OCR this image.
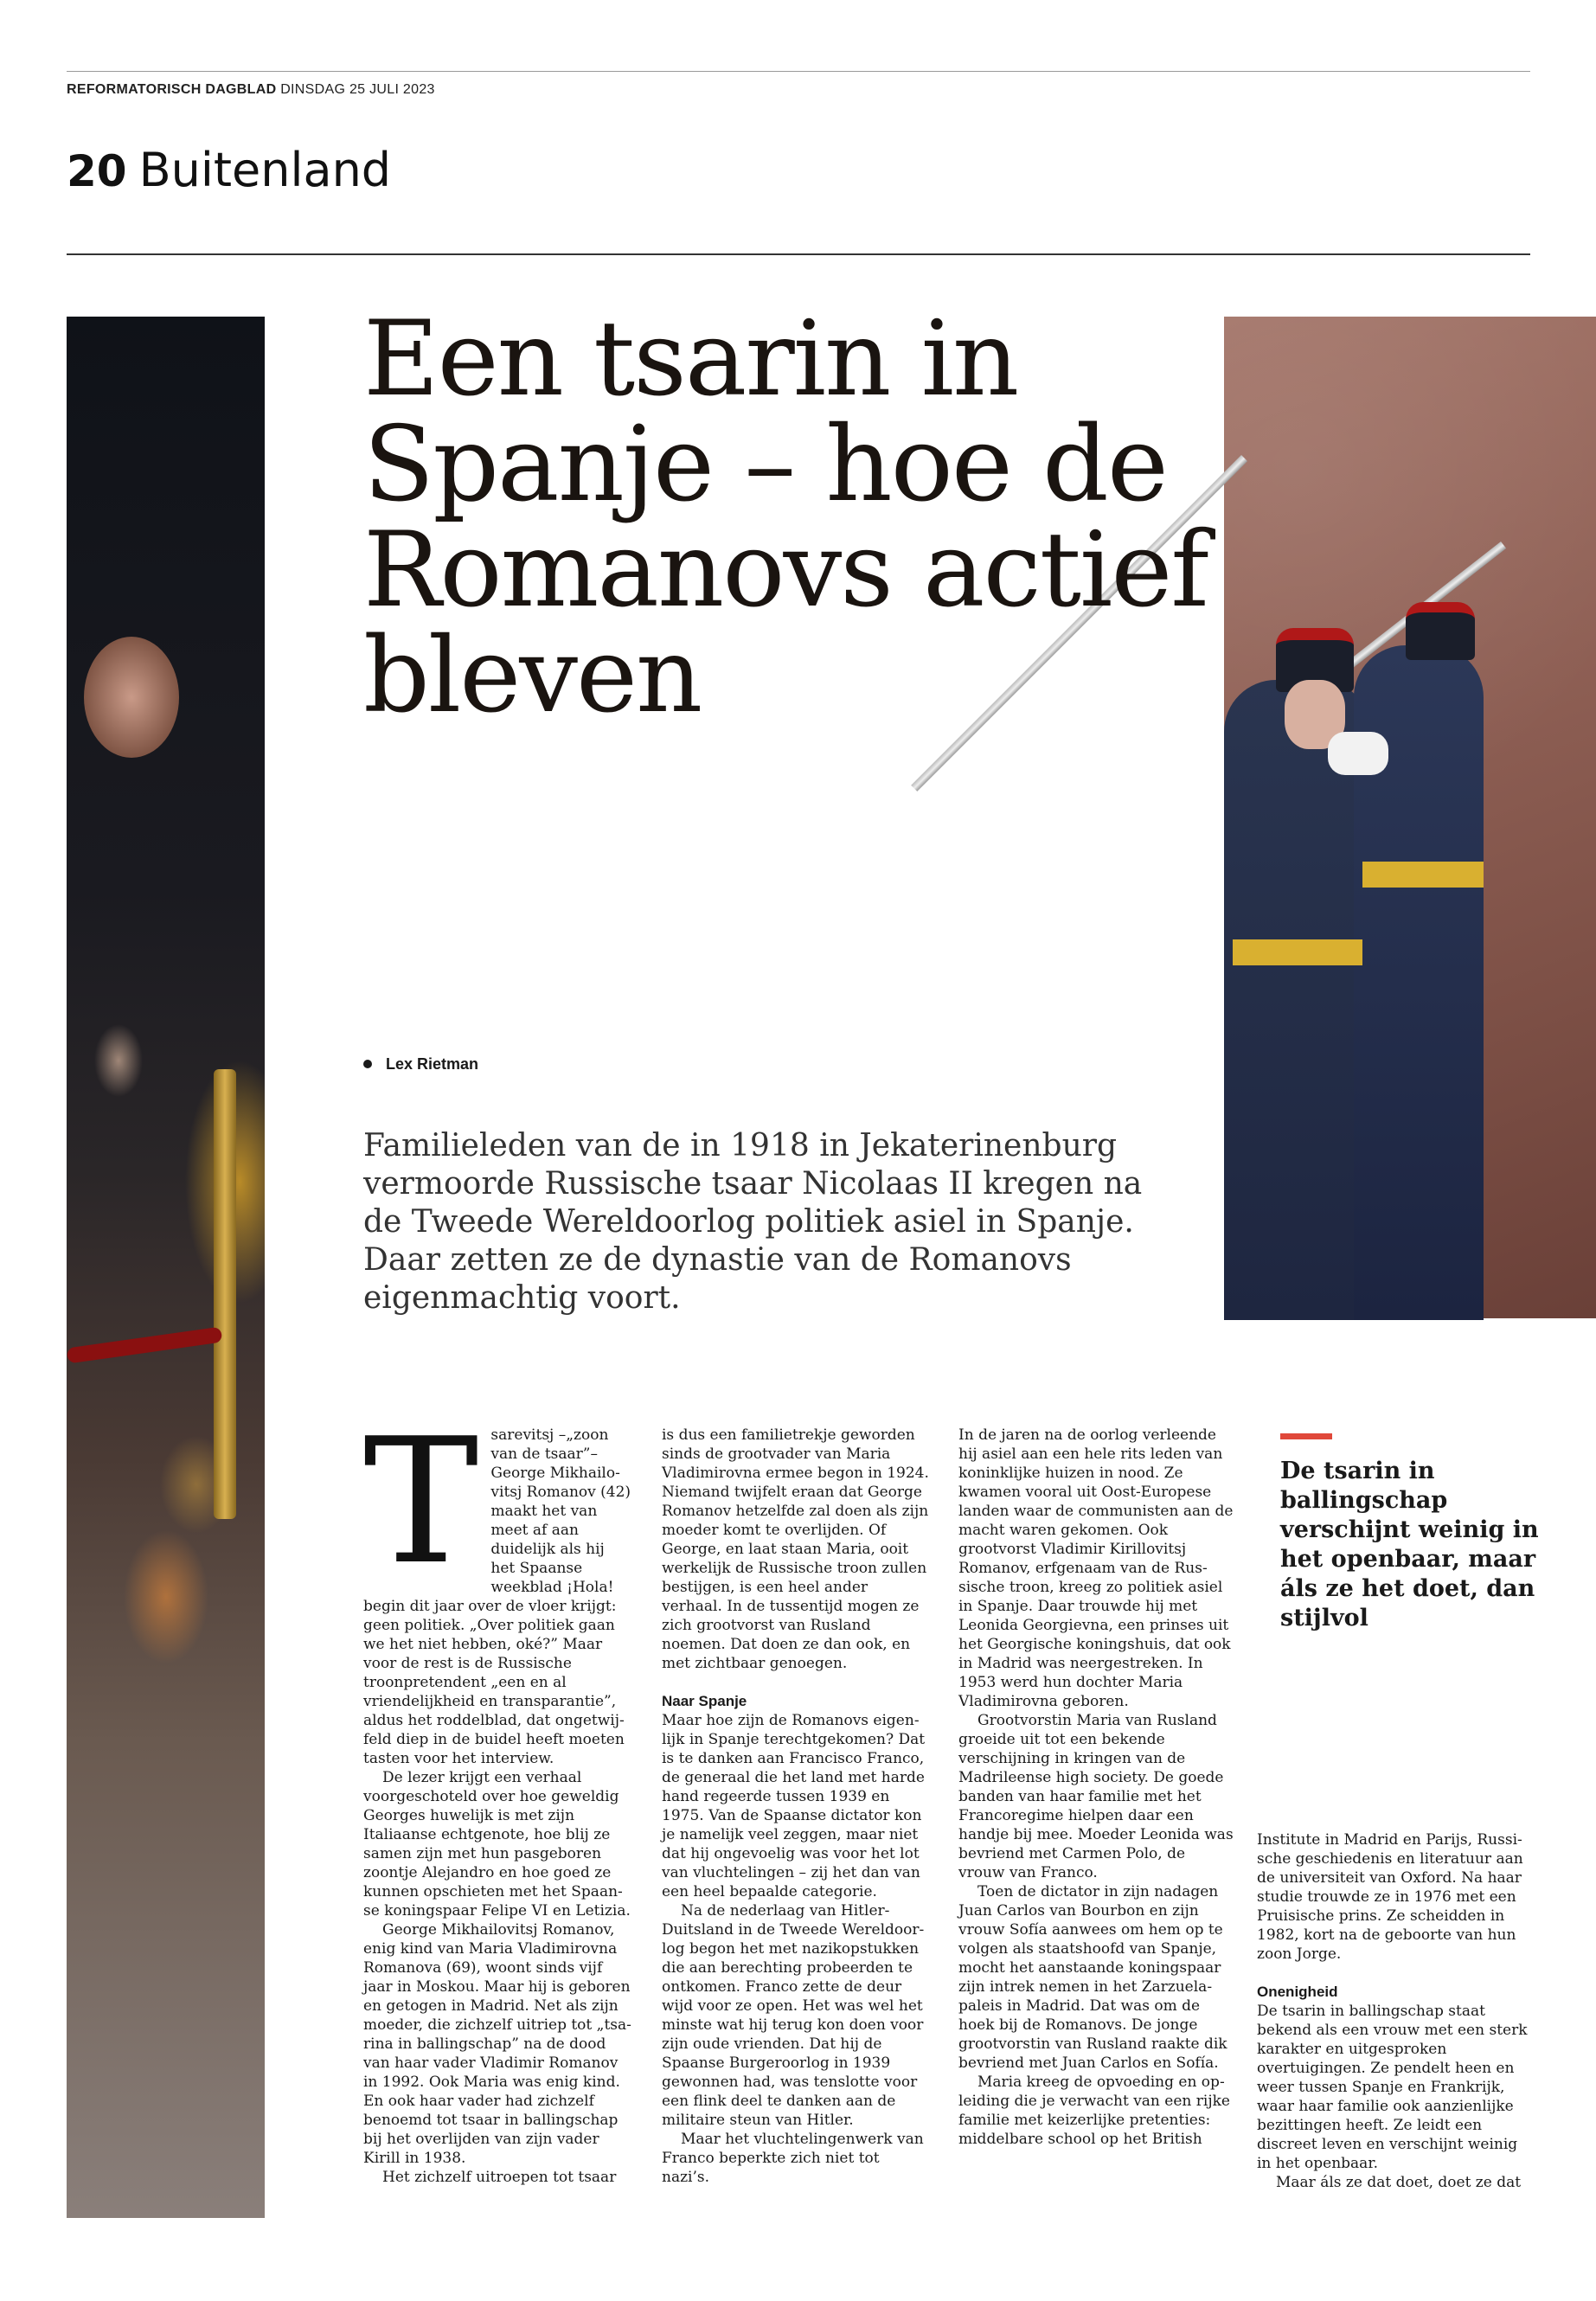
REFORMATORISCH DAGBLAD DINSDAG 25 JULI 2023
20 Buitenland
Een tsarin in Spanje – hoe de Romanovs actief bleven
Lex Rietman

Familieleden van de in 1918 in Jekaterinenburg vermoorde Russische tsaar Nicolaas II kregen na de Tweede Wereldoorlog politiek asiel in Spanje. Daar zetten ze de dynastie van de Romanovs eigenmachtig voort.

T sarevitsj –„zoon van de tsaar”– George Mikhailovitsj Romanov (42) maakt het van meet af aan duidelijk als hij het Spaanse weekblad ¡Hola! begin dit jaar over de vloer krijgt: geen politiek. „Over politiek gaan we het niet hebben, oké?” Maar voor de rest is de Russische troonpretendent „een en al vriendelijkheid en transparantie”, aldus het roddelblad, dat ongetwijfeld diep in de buidel heeft moeten tasten voor het interview.

De lezer krijgt een verhaal voorgeschoteld over hoe geweldig Georges huwelijk is met zijn Italiaanse echtgenote, hoe blij ze samen zijn met hun pasgeboren zoontje Alejandro en hoe goed ze kunnen opschieten met het Spaanse koningspaar Felipe VI en Letizia.

George Mikhailovitsj Romanov, enig kind van Maria Vladimirovna Romanova (69), woont sinds vijf jaar in Moskou. Maar hij is geboren en getogen in Madrid. Net als zijn moeder, die zichzelf uitriep tot „tsarina in ballingschap” na de dood van haar vader Vladimir Romanov in 1992. Ook Maria was enig kind. En ook haar vader had zichzelf benoemd tot tsaar in ballingschap bij het overlijden van zijn vader Kirill in 1938.

Het zichzelf uitroepen tot tsaar

is dus een familietrekje geworden sinds de grootvader van Maria Vladimirovna ermee begon in 1924. Niemand twijfelt eraan dat George Romanov hetzelfde zal doen als zijn moeder komt te overlijden. Of George, en laat staan Maria, ooit werkelijk de Russische troon zullen bestijgen, is een heel ander verhaal. In de tussentijd mogen ze zich grootvorst van Rusland noemen. Dat doen ze dan ook, en met zichtbaar genoegen.

Naar Spanje

Maar hoe zijn de Romanovs eigenlijk in Spanje terechtgekomen? Dat is te danken aan Francisco Franco, de generaal die het land met harde hand regeerde tussen 1939 en 1975. Van de Spaanse dictator kon je namelijk veel zeggen, maar niet dat hij ongevoelig was voor het lot van vluchtelingen – zij het dan van een heel bepaalde categorie.

Na de nederlaag van Hitler-Duitsland in de Tweede Wereldoorlog begon het met nazikopstukken die aan berechting probeerden te ontkomen. Franco zette de deur wijd voor ze open. Het was wel het minste wat hij terug kon doen voor zijn oude vrienden. Dat hij de Spaanse Burgeroorlog in 1939 gewonnen had, was tenslotte voor een flink deel te danken aan de militaire steun van Hitler.

Maar het vluchtelingenwerk van Franco beperkte zich niet tot nazi’s.

In de jaren na de oorlog verleende hij asiel aan een hele rits leden van koninklijke huizen in nood. Ze kwamen vooral uit Oost-Europese landen waar de communisten aan de macht waren gekomen. Ook grootvorst Vladimir Kirillovitsj Romanov, erfgenaam van de Russische troon, kreeg zo politiek asiel in Spanje. Daar trouwde hij met Leonida Georgievna, een prinses uit het Georgische koningshuis, dat ook in Madrid was neergestreken. In 1953 werd hun dochter Maria Vladimirovna geboren.

Grootvorstin Maria van Rusland groeide uit tot een bekende verschijning in kringen van de Madrileense high society. De goede banden van haar familie met het Francoregime hielpen daar een handje bij mee. Moeder Leonida was bevriend met Carmen Polo, de vrouw van Franco.

Toen de dictator in zijn nadagen Juan Carlos van Bourbon en zijn vrouw Sofía aanwees om hem op te volgen als staatshoofd van Spanje, mocht het aanstaande koningspaar zijn intrek nemen in het Zarzuela-paleis in Madrid. Dat was om de hoek bij de Romanovs. De jonge grootvorstin van Rusland raakte dik bevriend met Juan Carlos en Sofía.

Maria kreeg de opvoeding en opleiding die je verwacht van een rijke familie met keizerlijke pretenties: middelbare school op het British

De tsarin in ballingschap verschijnt weinig in het openbaar, maar áls ze het doet, dan stijlvol

Institute in Madrid en Parijs, Russische geschiedenis en literatuur aan de universiteit van Oxford. Na haar studie trouwde ze in 1976 met een Pruisische prins. Ze scheidden in 1982, kort na de geboorte van hun zoon Jorge.

Onenigheid

De tsarin in ballingschap staat bekend als een vrouw met een sterk karakter en uitgesproken overtuigingen. Ze pendelt heen en weer tussen Spanje en Frankrijk, waar haar familie ook aanzienlijke bezittingen heeft. Ze leidt een discreet leven en verschijnt weinig in het openbaar.

Maar áls ze dat doet, doet ze dat
